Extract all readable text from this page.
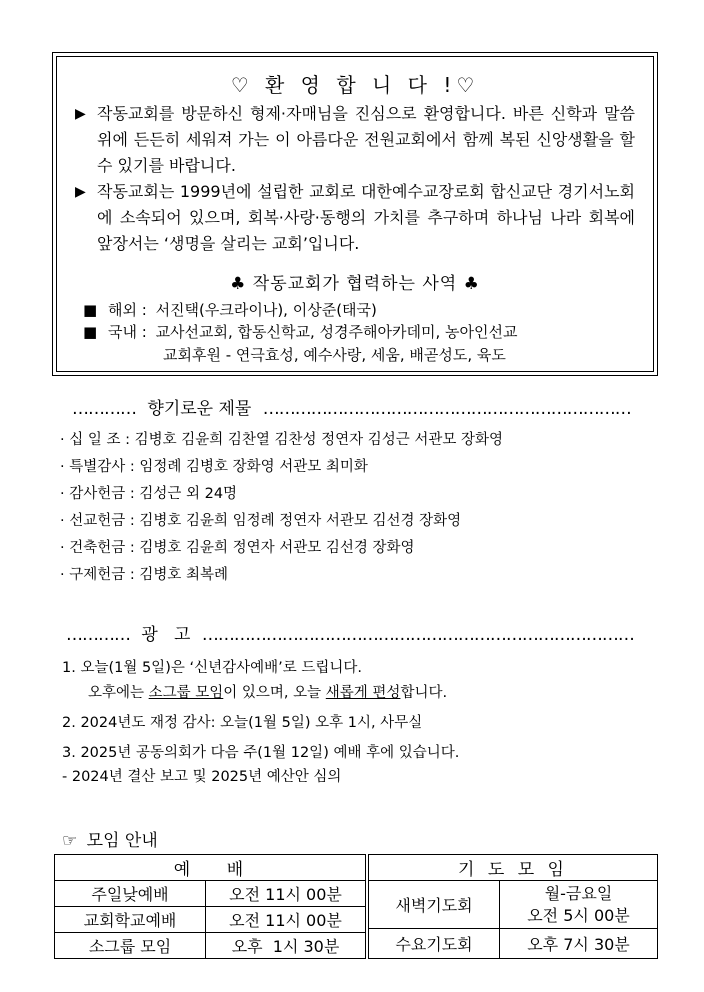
♡ 환 영 합 니 다 !♡
▶ 작동교회를 방문하신 형제·자매님을 진심으로 환영합니다. 바른 신학과 말씀 위에 든든히 세워져 가는 이 아름다운 전원교회에서 함께 복된 신앙생활을 할 수 있기를 바랍니다.
▶ 작동교회는 1999년에 설립한 교회로 대한예수교장로회 합신교단 경기서노회에 소속되어 있으며, 회복·사랑·동행의 가치를 추구하며 하나님 나라 회복에 앞장서는 ‘생명을 살리는 교회’입니다.
♣ 작동교회가 협력하는 사역 ♣
■ 해외 : 서진택(우크라이나), 이상준(태국)
■ 국내 : 교사선교회, 합동신학교, 성경주해아카데미, 농아인선교
교회후원 - 연극효성, 예수사랑, 세움, 배곧성도, 육도
………… 향기로운 제물 ……………………………………………………………
· 십 일 조 : 김병호 김윤희 김찬열 김찬성 정연자 김성근 서관모 장화영
· 특별감사 : 임정례 김병호 장화영 서관모 최미화
· 감사헌금 : 김성근 외 24명
· 선교헌금 : 김병호 김윤희 임정례 정연자 서관모 김선경 장화영
· 건축헌금 : 김병호 김윤희 정연자 서관모 김선경 장화영
· 구제헌금 : 김병호 최복례
………… 광   고 ………………………………………………………………………
1. 오늘(1월 5일)은 ‘신년감사예배’로 드립니다.
오후에는 소그룹 모임이 있으며, 오늘 새롭게 편성합니다.
2. 2024년도 재정 감사: 오늘(1월 5일) 오후 1시, 사무실
3. 2025년 공동의회가 다음 주(1월 12일) 예배 후에 있습니다.
- 2024년 결산 보고 및 2025년 예산안 심의
☞ 모임 안내
예    배	
주일낮예배	오전 11시 00분
교회학교예배	오전 11시 00분
소그룹 모임	오후  1시 30분
기 도 모 임	
새벽기도회	월-금요일
오전 5시 00분

수요기도회	오후 7시 30분
